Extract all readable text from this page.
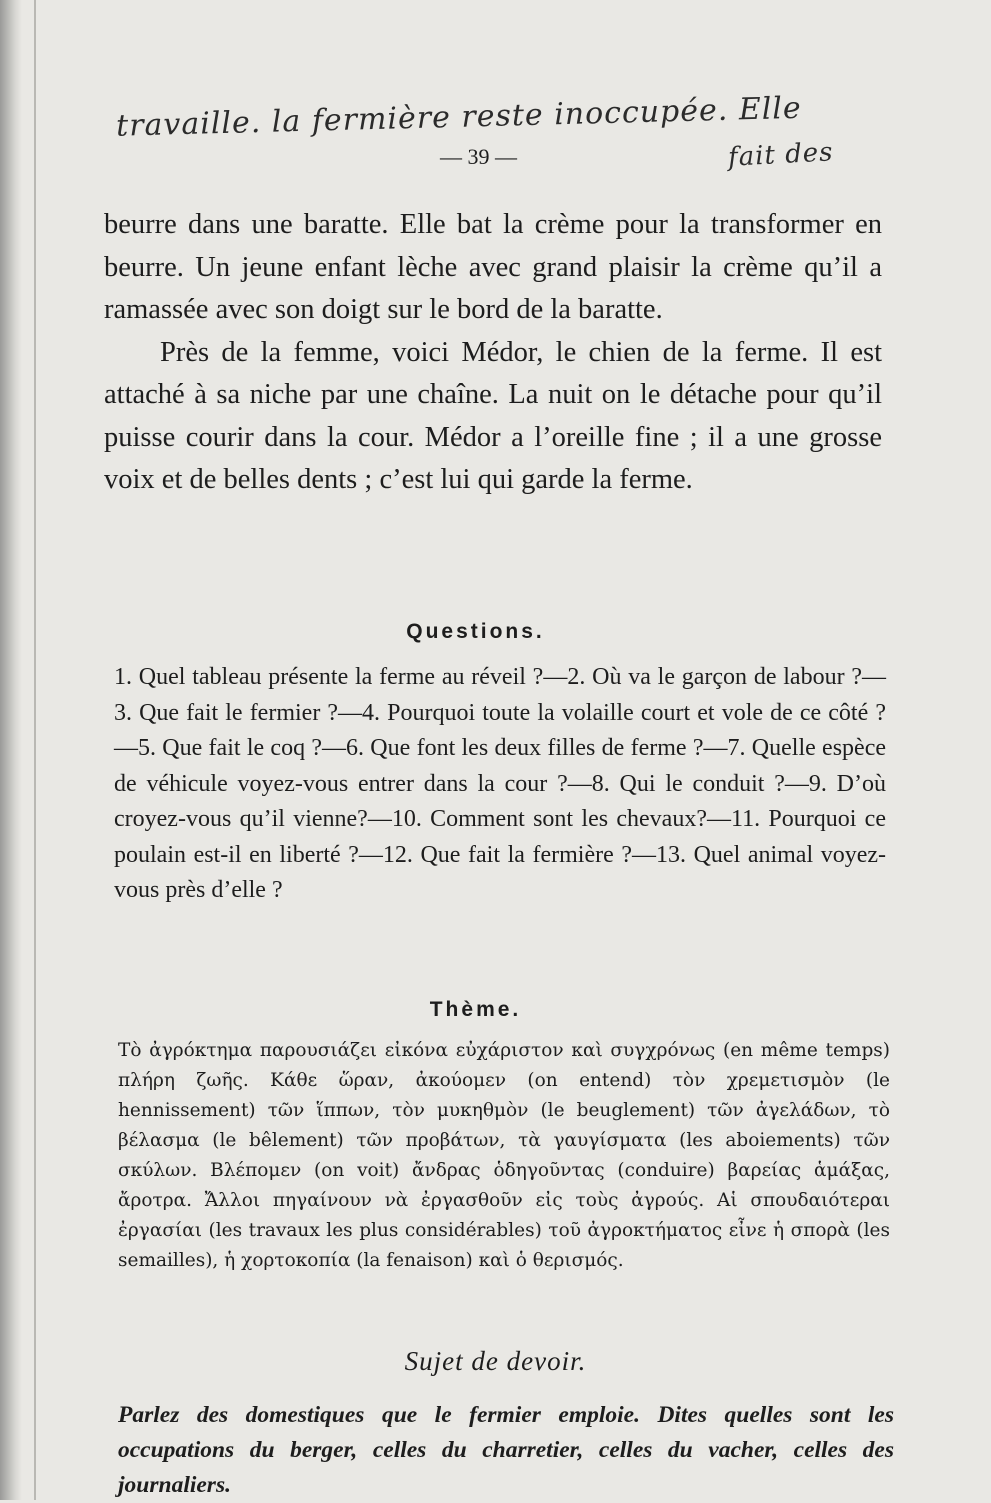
travaille. la fermière reste inoccupée. Elle
fait des
— 39 —

beurre dans une baratte. Elle bat la crème pour la transformer en beurre. Un jeune enfant lèche avec grand plaisir la crème qu’il a ramassée avec son doigt sur le bord de la baratte.

Près de la femme, voici Médor, le chien de la ferme. Il est attaché à sa niche par une chaîne. La nuit on le détache pour qu’il puisse courir dans la cour. Médor a l’oreille fine ; il a une grosse voix et de belles dents ; c’est lui qui garde la ferme.

Questions.

1. Quel tableau présente la ferme au réveil ?—2. Où va le garçon de labour ?—3. Que fait le fermier ?—4. Pourquoi toute la volaille court et vole de ce côté ?—5. Que fait le coq ?—6. Que font les deux filles de ferme ?—7. Quelle espèce de véhicule voyez-vous entrer dans la cour ?—8. Qui le conduit ?—9. D’où croyez-vous qu’il vienne?—10. Comment sont les chevaux?—11. Pourquoi ce poulain est-il en liberté ?—12. Que fait la fermière ?—13. Quel animal voyez-vous près d’elle ?

Thème.

Τὸ ἀγρόκτημα παρουσιάζει εἰκόνα εὐχάριστον καὶ συγχρόνως (en même temps) πλήρη ζωῆς. Κάθε ὥραν, ἀκούομεν (on entend) τὸν χρεμετισμὸν (le hennissement) τῶν ἵππων, τὸν μυκηθμὸν (le beuglement) τῶν ἀγελάδων, τὸ βέλασμα (le bêlement) τῶν προβάτων, τὰ γαυγίσματα (les aboiements) τῶν σκύλων. Βλέπομεν (on voit) ἄνδρας ὁδηγοῦντας (conduire) βαρείας ἁμάξας, ἄροτρα. Ἄλλοι πηγαίνουν νὰ ἐργασθοῦν εἰς τοὺς ἀγρούς. Αἱ σπουδαιότεραι ἐργασίαι (les travaux les plus considérables) τοῦ ἀγροκτήματος εἶνε ἡ σπορὰ (les semailles), ἡ χορτοκοπία (la fenaison) καὶ ὁ θερισμός.

Sujet de devoir.

Parlez des domestiques que le fermier emploie. Dites quelles sont les occupations du berger, celles du charretier, celles du vacher, celles des journaliers.
